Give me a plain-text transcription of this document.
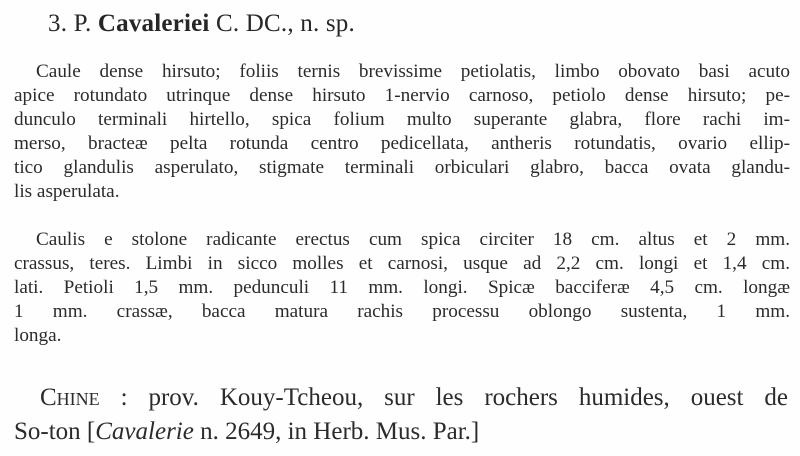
3. P. Cavaleriei C. DC., n. sp.
Caule dense hirsuto; foliis ternis brevissime petiolatis, limbo obovato basi acuto
apice rotundato utrinque dense hirsuto 1-nervio carnoso, petiolo dense hirsuto; pe-
dunculo terminali hirtello, spica folium multo superante glabra, flore rachi im-
merso, bracteæ pelta rotunda centro pedicellata, antheris rotundatis, ovario ellip-
tico glandulis asperulato, stigmate terminali orbiculari glabro, bacca ovata glandu-
lis asperulata.
Caulis e stolone radicante erectus cum spica circiter 18 cm. altus et 2 mm.
crassus, teres. Limbi in sicco molles et carnosi, usque ad 2,2 cm. longi et 1,4 cm.
lati. Petioli 1,5 mm. pedunculi 11 mm. longi. Spicæ bacciferæ 4,5 cm. longæ
1 mm. crassæ, bacca matura rachis processu oblongo sustenta, 1 mm.
longa.
Chine : prov. Kouy-Tcheou, sur les rochers humides, ouest de
So-ton [Cavalerie n. 2649, in Herb. Mus. Par.]
